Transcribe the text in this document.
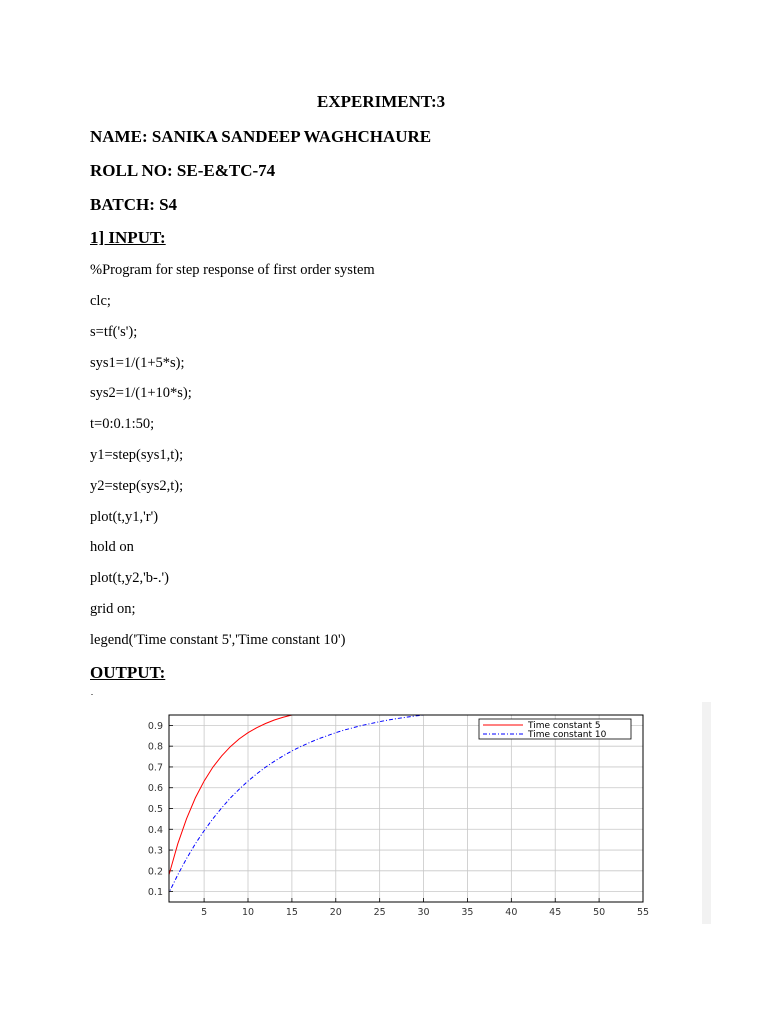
EXPERIMENT:3
NAME: SANIKA SANDEEP WAGHCHAURE
ROLL NO: SE-E&TC-74
BATCH: S4
1] INPUT:
%Program for step response of first order system
clc;
s=tf('s');
sys1=1/(1+5*s);
sys2=1/(1+10*s);
t=0:0.1:50;
y1=step(sys1,t);
y2=step(sys2,t);
plot(t,y1,'r')
hold on
plot(t,y2,'b-.')
grid on;
legend('Time constant 5','Time constant 10')
OUTPUT:
5	10	15	20	25	30	35	40	45	50	55
0.1
0.2
0.3
0.4
0.5
0.6
0.7
0.8
0.9	Time constant 5
Time constant 10
